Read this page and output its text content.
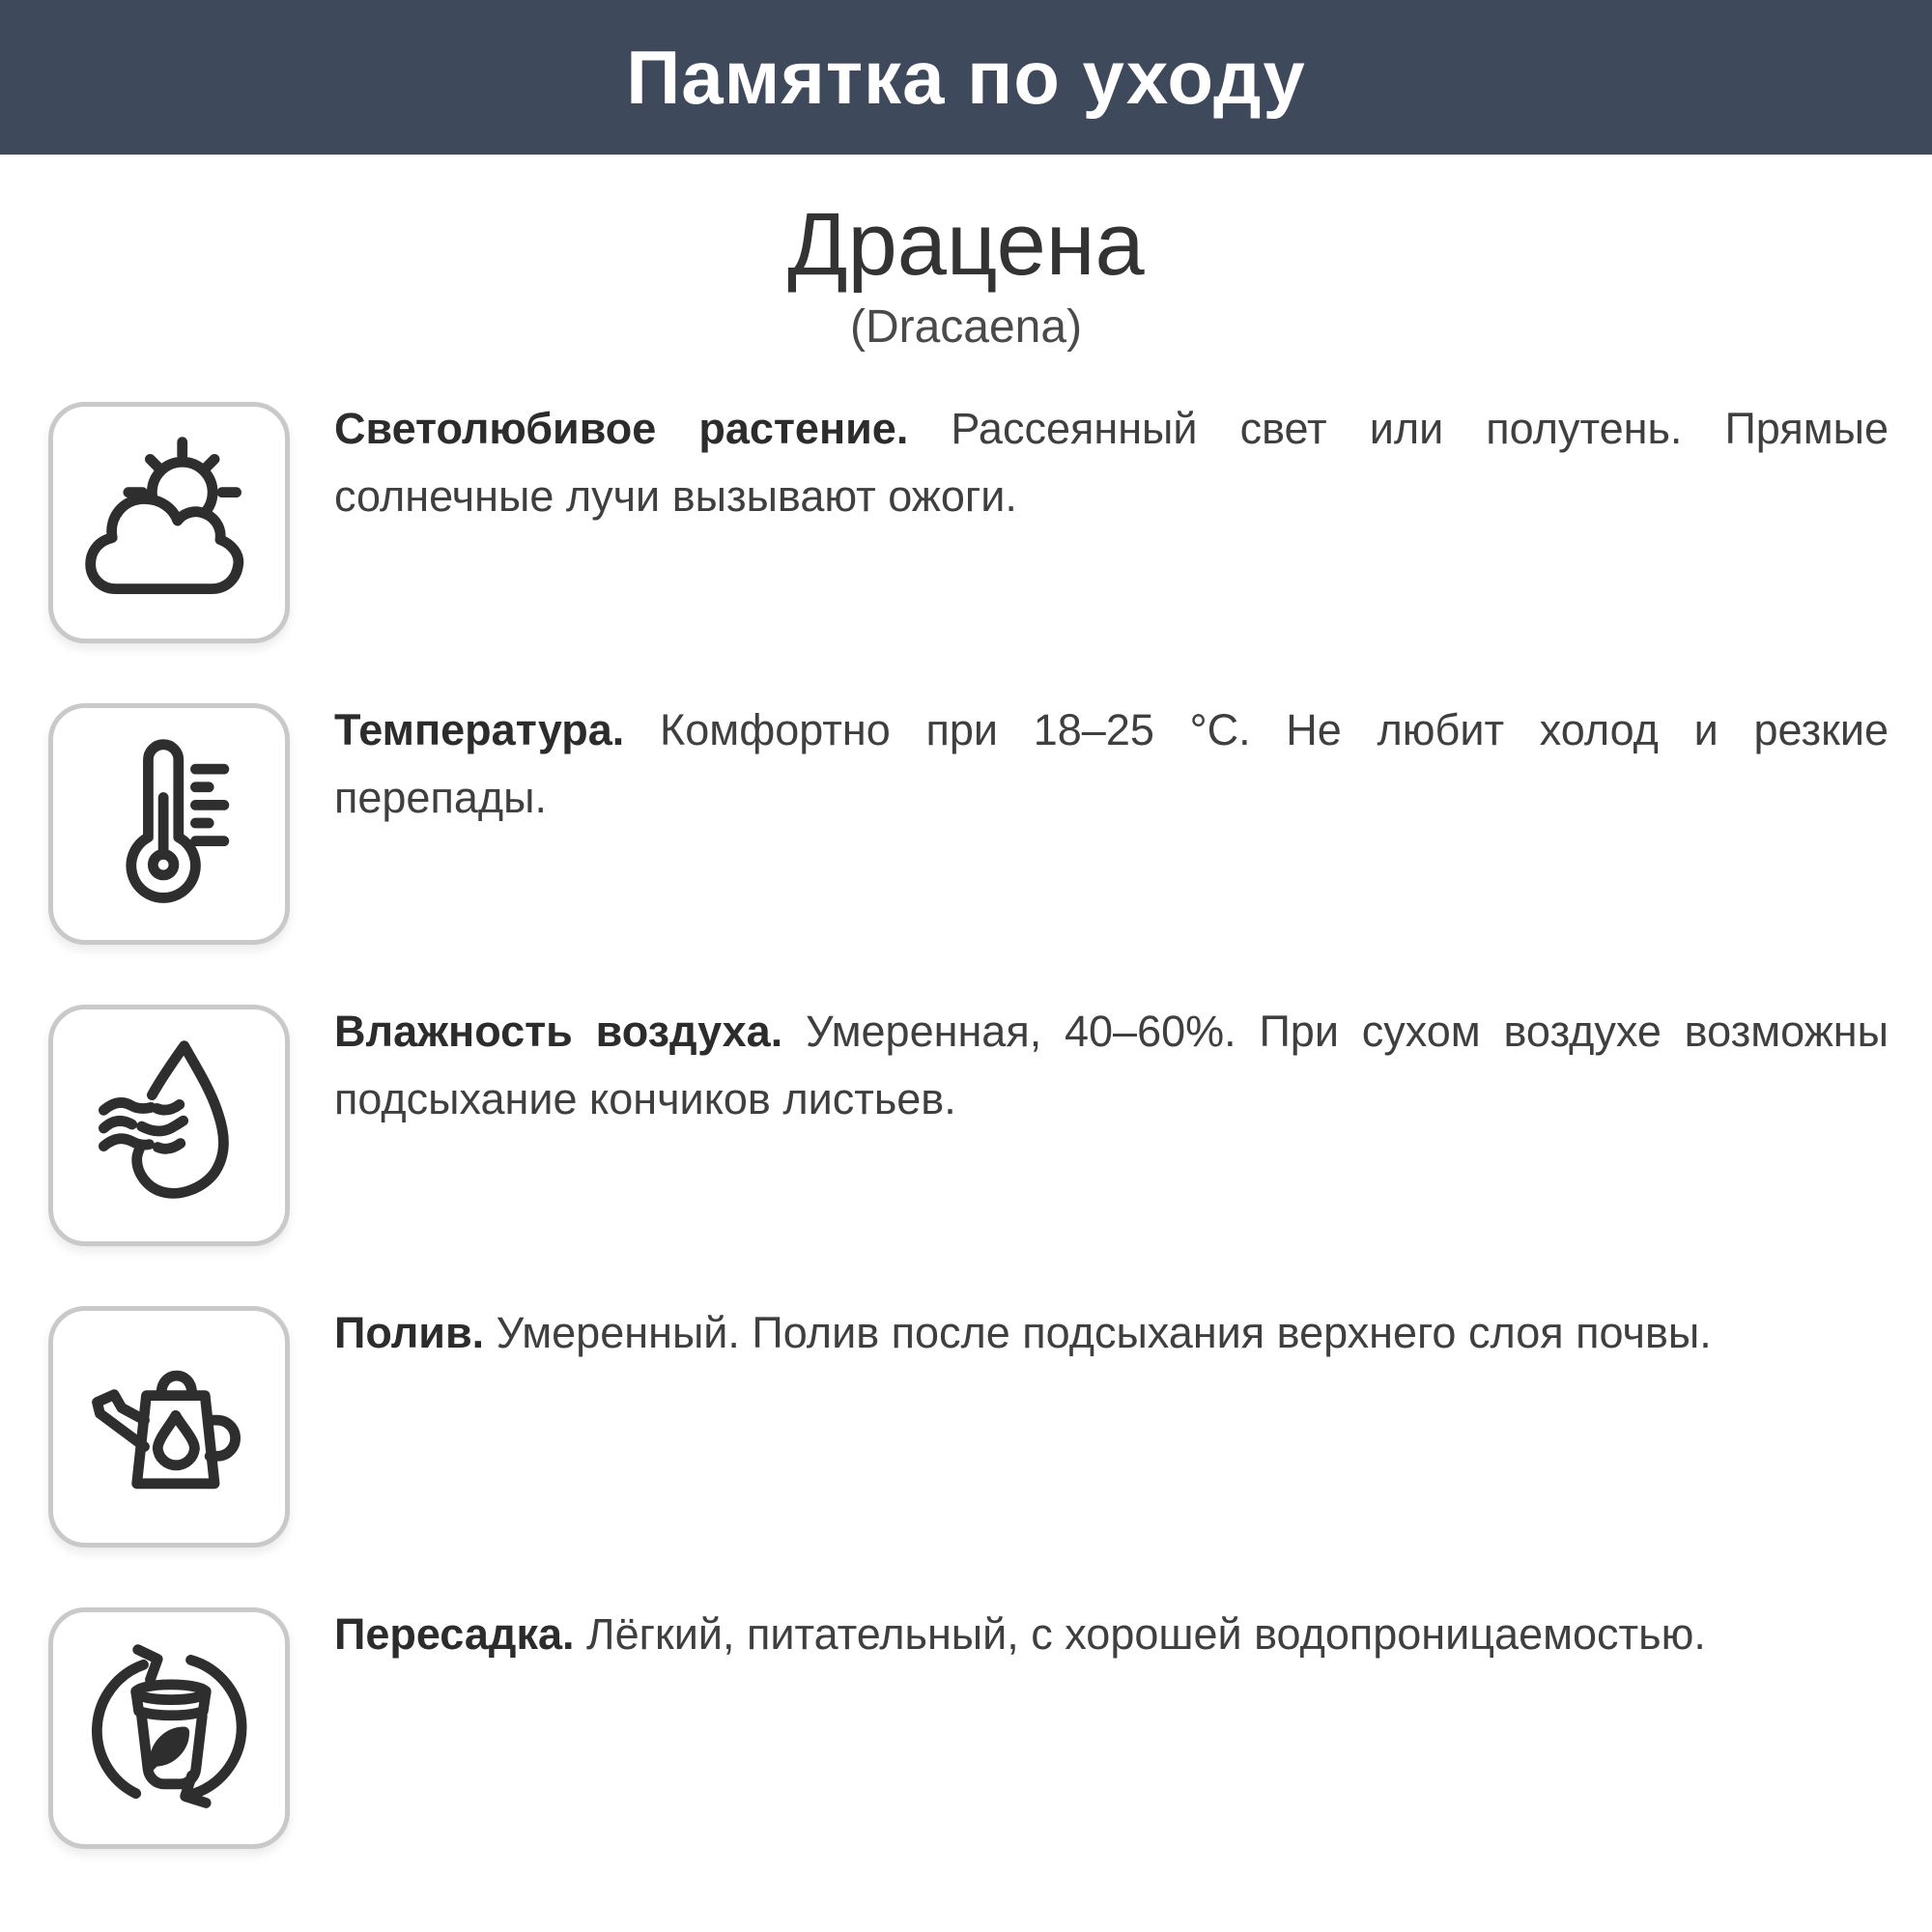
Памятка по уходу
Драцена
(Dracaena)

Светолюбивое растение. Рассеянный свет или полутень. Прямые солнечные лучи вызывают ожоги.

Температура. Комфортно при 18–25 °C. Не любит холод и резкие перепады.

Влажность воздуха. Умеренная, 40–60%. При сухом воздухе возможны подсыхание кончиков листьев.

Полив. Умеренный. Полив после подсыхания верхнего слоя почвы.

Пересадка. Лёгкий, питательный, с хорошей водопроницаемостью.
